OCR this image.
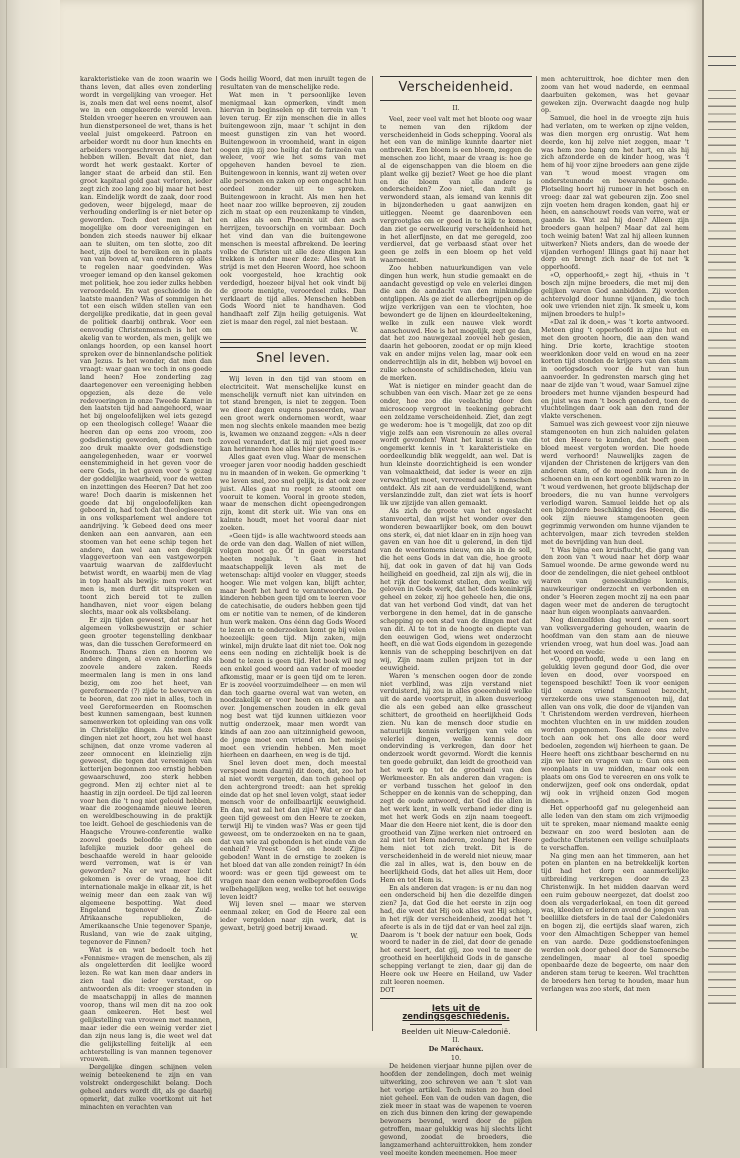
karakteristieke van de zoon waarin we thans leven, dat alles even zonderling wordt in vergelijking van vroeger. Het is, zoals men dat wel eens noemt, alsof we in een omgekeerde wereld leven. Stelden vroeger heeren en vrouwen aan hun dienstpersoneel de wet, thans is het veelal juist omgekeerd. Patroon en arbeider wordt nu door hun knechts en arbeiders voorgeschreven hoe deze het hebben willen. Bevalt dat niet, dan wordt het werk gestaakt. Korter of langer staat de arbeid dan stil. Een groot kapitaal gold gaat verloren, ieder zegt zich zoo lang zoo bij maar het best kan. Eindelijk wordt de zaak, door rood gedoven, weer bijgelegd, maar de verhouding onderling is er niet beter op geworden. Toch doet men al het mogelijke om door vereenigingen en bonden zich steeds nauwer bij elkaar aan te sluiten, om ten slotte, zoo dit heet, zijn doel te bereiken en in plaats van van boven af, van onderen op alles te regelen naar goedvinden. Was vroeger iemand op den kansel gekomen met politiek, hoe zou ieder zulks hebben veroordeeld. En wat geschiedde in de laatste maanden? Was of sommigen het tot een eisch wilden stellen van een dergelijke predikatie, dat in geen geval de politiek daarbij ontbrak. Voor een eenvoudig Christenmensch is het om akelig van te worden, als men, gelijk we onlangs hoorden, op een kansel hoort spreken over de binnenlandsche politiek van Jezus. Is het wonder, dat men dan vraagt: waar gaan we toch in ons goede land heen? Hoe zonderling zag daartegenover een vereeniging hebben opgezien, als deze de vele redevoeringen in onze Tweede Kamer in den laatsten tijd had aangehoord, waar het bij ongeloofelijken wel iets gezegd op een theologisch college! Waaar die heeren dan op eens zoo vroom, zoo godsdienstig geworden, dat men toch zoo druk maakte over godsdienstige aangelegenheden, waar er voorwel eenstemmigheid in het geven voor de eere Gods, in het gaven voor 's gezag der goddelijke waarheid, voor de wetten en inzettingen des Heeren? Dat het zoo ware! Doch daarin is miskennen het goede dat bij ongeloofelijken kan geboord in, had toch dat theologiseeren in ons volksparlement wel andere tot aandrijving. 'k Gebeed deed ons meer denken aan een aanvaren, aan een stoomen van het eene schip tegen het andere, dan wel aan een degelijk vlaggevertoon van een vastgeworpen vaartuig waarvan de zalfdevlucht betwist wordt, en waarbij men de vlag in top haalt als bewijs: men voert wat men is, men durft dit uitspreken en toont zich bereid tot te zullen handhaven, niet voor eigen belang slechts, maar ook als volksbelang.

Er zijn tijden geweest, dat naar het algemeen volksbewustzijn er schier geen grooter tegenstelling denkbaar was, dan die tusschen Gereformeerd en Roomsch. Thans zien en hooren we andere dingen, al even zonderling als zoovele andere zaken. Reeds meermalen lang is men in ons land bezig, om zoo het heet, van gereformeerde (?) zijde te bewerven en te beoren, dat zoo niet in alles, toch in veel Gereformeerden en Roomschen best kunnen samengaan, best kunnen samenwerken tot opleiding van ons volk in Christelijke dingen. Als men deze dingen niet zet hoort, zou het wel haast schijnen, dat onze vrome vaderen al zeer omnocent en kleinzielig zijn geweest, die tegen dat vereenigen van ketterijen begonnen zoo ernstig hebben gewaarschuwd, zoo sterk hebben gegrond. Men zij echter niet al te haastig in zijn oordeel. De tijd zal leeren voor hen die 't nog niet gelooid hebben, waar die zoogenaamde nieuwe leeren en wereldbeschouwing in de praktijk toe leidt. Gehoel de geschiedenis van de Haagsche Vrouwe-conferentie walke zoovel goeds beloofde en als een lafelijke muziek door geheel de beschaafde wereld in haar gelooide werd verromen, wat is er van geworden? Na er wat meer licht gekomen is over de vraag, hoe dit internationale makje in elkaar zit, is het weinig meer dan een zaak van wij algemeene bespotting. Wat deed Engeland tegenover de Zuid-Afrikaansche republieken, de Amerikaansche Unie tegenover Spanje, Rusland, van wie de zaak uitging, tegenover de Finnen?

Wat is en wat bedoelt toch het «Fennisme» vragen de menschen, als zij als ongeletterden dit leelijke woord lezen. Re wat kan men daar anders in zien taal die ieder verstaat, op antwoorden als dit: vroeger stonden in de maatschappij in alles de mannen voorop, thans wil men dit na zoo ook gaan omkeeren. Het best wel gelijkstelling van vrouwen met mannen, maar ieder die een weinig verder ziet dan zijn neus lang is, die weet wel dat die gelijkstelling feitelijk al een achterstelling is van mannen tegenover vrouwen.

Dergelijke dingen schijnen velen weinig beteekenend te zijn en van volstrekt ondergeschikt belang. Doch geheel anders wordt dit, als ge daarbij opmerkt, dat zulke voortkomt uit het minachten en verachten van

Gods heilig Woord, dat men inruilt tegen de resultaten van de menschelijke rede.

Wat men in 't persoonlijke leven menigmaal kan opmerken, vindt men hiervan in beginselen op dit terrein van 't leven terug. Er zijn menschen die in alles buitengewoon zijn, maar 't schijnt in den meest gunstigen zin van het woord. Buitengewoon in vroomheid, want in eigen oogen zijn zij zoo heilig dat de farizeën van weleer, voor wie het soms van met opgeheven handen bevoel te zien. Buitengewoon in kennis, want zij weten over alle personen en zaken op een ongeacht hun oordeel zonder uit te spreken. Buitengewoon in kracht. Als men hen het heet naar zoo willke beproeven, zij zouden zich m staat op een reuzenkamp te vinden, en alles als een Phoenix uit den asch herrijzen, tevoorschijn en vormbaar. Doch het vind dan van die buitengewone menschen is meestal afbrekend. De leering volbe de Christen uit alle deze dingen kan trekken is onder meer deze: Alles wat in strijd is met den Heeren Woord, hoe schoon ook voorgesteld, hoe krachtig ook verdedigd, hoezeer bijval het ook vindt bij de groote menigte, veroordeel zulks. Dan verklaart de tijd alles. Menschen hebben Gods Woord niet te handhaven. God handhaaft zelf Zijn heilig getuigenis. Wat ziet is maar den regel, zal niet bestaan.

W.
Snel leven.

Wij leven in den tijd van stoom en electriciteit. Wat menschelijke kunst en menschelijk vernuft niet kan uitvinden en tot stand brengen, is niet te zeggen. Toen we dieer dagen eugens passeerden, waar een groot werk ondernomen wordt, waar men nog slechts enkele maanden mee bezig is, kwamen we onzaand zeggen: «Als n deer zoveel verandert, dat ik mij niet goed meer kan herinneren hoe alles hier gevweest is.»

Alles gaat even vlug. Waar de menschen vroeger jaren voor noodig hadden geschiedt nu in maanden of in weken. Ge opmerking 't we leven snel, zoo snel gelijk, is dat ook zeer juist. Alles gaat nu roept ze stoomt om vooruit te komen. Vooral in groote steden, waar de menschen dicht opeengedrongen zijn, komt dit sterk uit. Wie van ons en kalmte houdt, moet het vooral daar niet zoeken.

«Geen tijd» is alle wachtwoord steeds aan de orde van den dag. Wallen of niet willen, volgen moet ge. Of in geen weerstand heeten nogaluk. 't Gaat in het maatschappelijk leven als met de wetenschap: altijd vooler en vlugger, steeds hooger. Wie met volgen kan, blijft achter, maar heeft het hard te verantwoorden. De kinderen hebben geen tijd om te leeren voor de catechisatie, de ouders hebben geen tijd om er notitie van te nemen, of de kinderen hun werk maken. Ons éénn dag Gods Woord te lezen en te onderzoeken komt ge bij velen hoezeelijk: geen tijd. Mijn zaken, mijn winkel, mijn drukte laat dit niet toe. Ook nog eens een noding en zichtelijk boek is de bond te lezen is geen tijd. Het boek wil nog een enkel goed woord aan vader of moeder afkomstig, maar er is geen tijd om te leren. Er is zoovéel voorzuimdelheer — en men wil dan toch gaarne overal wat van weten, en noodzakelijk er voor heen en andere aan over. Jongemenschen zouden in elk geval nog best wat tijd kunnen uitkiezen voor nuttig onderzoek, maar men wordt van kinds af aan zoo aan uitzinnigheid gewoon, de jonge moet een vriend en het meisje moet een vriendin hebben. Men moet hierheen en daarheen, en weg is de tijd.

Snel leven doet men, doch meestal verspeed mem daarnij dit doen, dat, zoo het al niet wordt vergeten, dan toch geheel op den achtergrond treedt: aan het sprekig einde dat op het snel leven volgt, staat ieder mensch voor de onfeilbaarlijk eeuwigheid. En dan, wat zal het dan zijn? Wat er er dan geen tijd geweest om den Heere te zoeken, terwijl Hij te vinden was? Was er geen tijd geweest, om te onderzoeken en na te gaan, dat van wie zal gebonden is het einde van de eenheid? Vreest God en houdt Zijne geboden! Want in de ernstige te zoeken is het bloed dat van alle zonden reinigt? In één woord: was er geen tijd geweest om te vragen naar den eenen welbeproefden Gods welbehagelijken weg, welke tot het eeuwige leven leidt?

Wij leven snel — maar we sterven eenmaal zeker, en God de Heere zal een ieder vergelden naar zijn werk, dat is gewaxt, betrij goed betrij kwaad.

W.
Verscheidenheid.
II.

Veel, zeer veel valt met het bloote oog waar te nemen van den rijkdom der verscheidenheid in Gods schepping. Vooral als het een van de minlige kunnte daarter niet ontbreekt. Een bloem is een bloem, zeggen de menschen zoo licht, maar de vraag is: hoe ge al de eigenschappen van die bloem en die plant welke gij beziet? Weet ge hoe die plant en die bloem van alle andere is onderscheiden? Zoo niet, dan zult ge verwonderd staan, als iemand van kennis dit in bijzonderheden u gaat aanwijzen en uitleggen. Neemt ge daarenboven een vergrootglas om er goed in te kijk te komen, dan ziet ge eerwelkeurig verscheidenheid het in het allerfijnste, en dat me geregeld, zoo verdiervel, dat ge verbaasd staat over het geen ge zelfs in een bloem op het veld waarneemt.

Zoo hebben natuurkundigen van vele dingen hun werk, hun studie gemaakt en de aandacht gevestigd op vele en velerlei dingen die aan de aandacht van den minkundige ontglippen. Als ge ziet de allerbegrijpen op de wijze verkrijgen van een te vlochten, hoe bewondert ge de lijnen en kleurdeeltekening, welke in zulk een nauwe vlek wordt aanschouwd. Hoe is het mogelijk, zegt ge dan, dat het zoo nauwgezaal zooveel heb gesien, daarin het gebooren, zoodat er op mijn kleed vak en ander mijns velen lag, maar ook een onderrechtlijn als in dit, hebben wij bovoel en zulke schoonste of schildischeden, kleiu van de merken.

Wat is nietiger en minder geacht dan de schubben van een visch. Maar zet ge ze eens onder, hoe zoo die veelachtig door den microscoop vergroot in teekening gebracht een zeldzame verscheidenheid. Ziet, dan zegt ge wederom: hoe is 't mogelijk, dat zoo op dit vigje zelfs aan een visrenouin ze alles overal wordt gevonden! Want het kunst is van die ongemerkt kennis in 't karakteristieke en oordeelkundig blik weggeldt, aan wel. Dat is hun kleinste doorzichtigheid is een wonder van volmaaktheid, dat ieder is weer en zijn verwachtigt moet, vervreemd aan 's menschen ontdekt. Als zit aan de verduidelijkend, want verslanzindde zult, dan ziet wat iets is hoorf lik uw zijzijde van allen gemaakt.

Als zich de groote van het ongeslacht stamvoertal, dan wijst het wonder over den wonderen bewaarlijker boek, om den bouwt ons sterk, ei, dat niet klaar en in zijn hoeg van gaven en van hoe dit u gelerend, in den tijd van de weerkomens nieuw, om als in de soll, die het eens Gods in dat van die, hoe groote hij, dat ook in gaven of dat hij van Gods heiligheid en goedheid, zal zijn als wij, die in het rijk der toekomst stellen, den welke wij geloven in Gods werk, dat het Gods koninkrijk geheel en zeker, zij hoe geheele hen, die ons, dat van het verbond God vindt, dat van het verborgene in den hemel, dat in de gansche schepping op een stad van de dingen met dat van dit. Al te tot in de hoogte en diepte van den eeuwigen God, wiens wet onderzocht heeft, en die wat Gods eigendom in gezegende kennis van de schepping beschrijven en dat wij, Zijn naam zullen prijzen tot in der eeuwigheid.

Waren 's menschen oogen door de zonde niet verblind, was zijn verstand niet verduisterd, hij zou in alles goeeenheid welke uit de aarde voortspruit, in alken dusverloog die als een gebed aan elke grasscheut schittert, de grootheid en heerlijkheid Gods zien. Nu kan de mensch door studie en natuurlijk kennis verkrijgen van vele en velerlei dingen, welke kennis door ondervinding is verkregen, dan door het onderzoek wordt gevormd. Wordt die kennis ten goede gebruikt, dan leidt de grootheid van het werk op tot de grootheid van den Werkmeester. En als anderen dan vragen: is er verband tusschen het geloof in den Schepper en de kennis van de schepping, dan zegt de oude antwoord, dat God die allen in het werk kent, in welk verband ieder ding is met het werk Gods en zijn naam toegeeft. Maar die den Heere niet kent, die is door den grootheid van Zijne werken niet ontroerd en zal niet tot Hem naderen, zoolang het Heere hem niet tot zich trekt. Dit is de verscheidenheid in de wereld niet nieuw, maar die zal in alles, wat is, den bouw en de heerlijkheid Gods, dat het alles uit Hem, door Hem en tot Hem is.

En als anderen dat vragen: is er nu dan nog een onderscheid bij hen die dezelfde dingen zien? Ja, dat God die het eerste in zijn oog had, die weet dat Hij ook alles wat Hij schiep, in het rijk der verscheidenheid, zoodat het 't afeerte is als in de tijd dat er van heel zal zijn. Daarom is 't boek der natuur een boek, Gods woord te nader in de ziel, dat door de genade het eerst leert, dat gij, zoo veel te meer de grootheid en heerlijkheid Gods in de gansche schepping verlangt te zien, daar gij dan de Heere ook uw Heere en Heiland, uw Vader zult leeren noemen.

DOT
Iets uit de zendingsgeschiedenis.
Beelden uit Nieuw-Caledonië.
II.
De Maréchaux.
10.

De heidenen vierjaar hunne pijlen over de hoofden der zendelingen, doch met weinig uitwerking, zoo schreven we aan 't slot van het vorige artikel. Toch misten zo hun doel niet geheel. Een van de ouden van dagen, die ziek meer in staat was de wapenen te voeren en zich dus binnen den kring der gewapende bewoners bevond, werd door de pijlen getroffen, maar gelukkig was hij slechts licht gewond, zoodat de broeders, die langzamerhand achteruittrokken, hem zonder veel moeite konden meenemen. Hoe meer

men achteruittrok, hoe dichter men den zoom van het woud naderde, en eenmaal daarbuiten gekomen, was het gevaar geweken zijn. Overwacht daagde nog hulp op.

Samuel, die hoel in de vroegte zijn huis had verlaten, om te werken op zijne velden, was dien morgen erg onrustig. Wat hem deerde, kon hij zelve niet zeggen, maar 't was hem zoo bang om het hart, en als hij zich afzonderde en de kinder hoog, was 't hem of hij voor zijne broeders aan gene zijde van 't woud moest vragen om ondersteunende en bewarende genade. Plotseling hoort hij rumoer in het bosch en vroeg: daar zal wat gebeuren zijn. Zoo snel zijn voeten hem dragen konden, gaat hij er heen, en aanschouwt reeds van verre, wat er gaande is. Wat zal hij doen? Alleen zijn broeders gaan helpen? Maar dat zal hem toch weinig baten! Wat zal hij alleen kunnen uitwerken? Niets anders, dan de woede der vijanden verhogen! Illings gaat hij naar het dorp en brengt zich naar de tot net 'k opperhoofd.

«O, opperhoofd,» zegt hij, «thuis in 't bosch zijn mijne broeders, die met mij den gelijken waren God aanbidden. Zij worden achtervolgd door hunne vijanden, die toch ook uwe vrienden niet zijn. Ik smeek u, kom mijnen broeders te hulp!»

«Dat zal ik doen,» was 't korte antwoord. Meteen ging 't opperhoofd in zijne hut en met den grooten hoorn, die aan den wand hing. Drie korte, krachtige stooten weerklonken door veld en woud en na zeer korten tijd stonden de krijgers van den stam in oorlogsdosch voor de hut van hun aanvoerder. In gedrensten marsch ging het naar de zijde van 't woud, waar Samuel zijne broeders met hunne vijanden bespeurd had en juist was men 't bosch genaderd, toen de vluchtelingen daar ook aan den rand der vlakte verschenen.

Samuel was zich geweest voor zijn nieuwe stamgenooten en hun zich naluiden gelaten tot den Heere te kunden, dat hoeft geen bloed meest vergoten worden. Die hoede werd verhoord! Nauwelijks zagen de vijanden der Christenen de krijgers van den anderen stam, of de moed zonk hun in de schoenen en in een kort ogenblik waren zo in 't woud verdwenen, het groote blijdschap der broeders, die nu van hunne vervolgers verlodigd waren. Samuel leidde het op als een bijzondere beschikking des Heeren, die ook zijn nieuwe stamgenooten geen gegrimmig verwonden om hunne vijanden te achtervolgen, maar zich tevreden stelden met de bevrijding van hun deel.

't Was bijna een kruisflucht, die gang van den zoon van 't woud naar het dorp waar Samuel woonde. De arme gewonde werd nu door de zendelingen, die niet geheel ontbloot waren van geneeskundige kennis, nauwkeuriger onderzocht en verbonden en onder 's Heeren zegen mocht zij na een paar dagen weer met de anderen de terugtocht naar hun eigen woonplaats aanvaarden.

Nog dienzelfden dag werd er een soort van volksvergadering gehouden, waarin de hoofdman van den stam aan de nieuwe vrienden vroeg, wat hun doel was. Joad aan het woord en wede:

«O, opperhoofd, wede u een lang en gelukkig leven gegund door God, die over leven en dood, over voorspoed en tegenspoed beschikt! Toen ik voor eenigen tijd onzen vriend Samuel bezocht, verzekerde ons uwe stamgenooten mij, dat allen van ons volk, die door de vijanden van 't Christendom werden verdreven, hierheen mochten vluchten en in uw midden zouden worden opgenomen. Toen deze ons zelve toch aan ook het ons alle door werd bedoelen, zegenden wij hierheen te gaan. De Heere heeft ons zichtbaar beschermd en nu zijn we hier en vragen van u: Gun ons een woonplaats in uw midden, maar ook een plaats om ons God te vereeren en ons volk te onderwijzen, geef ook ons onderdak, opdat wij ook in vrijheid onzen God mogen dienen.»

Het opperhoofd gaf nu gelegenheid aan alle leden van den stam om zich vrijmoedig uit te spreken, maar niemand maakte eenig bezwaar en zoo werd besloten aan de geduchte Christenen een veilige schuilplaats te verschaffen.

Na ging men aan het timmeren, aan het poten en planten en na betrekkelijk korten tijd had het dorp een aanmerkelijke uitbreiding verkregen door de 23 Christenwijk. In het midden daarvan werd een ruim gebouw neergezet, dat doelst zoo doen als vergaderlokaal, en toen dit gereed was, kleeden er iederen avond de jongen van beeliilke dietsfers in de taal der Caledoniërs en bogen zij, die eertijds slaaf waren, zich voor den Almachtigen Schepper van hemel en van aarde. Deze goddienstoefeningen werden ook door geheel door de Samoerscbe zendelingen, maar al toel spoedig openbaarde deze de begeerte, om naar den anderen stam terug te keeren. Wel trachtten de broeders hen terug te houden, maar hun verlangen was zoo sterk, dat men
